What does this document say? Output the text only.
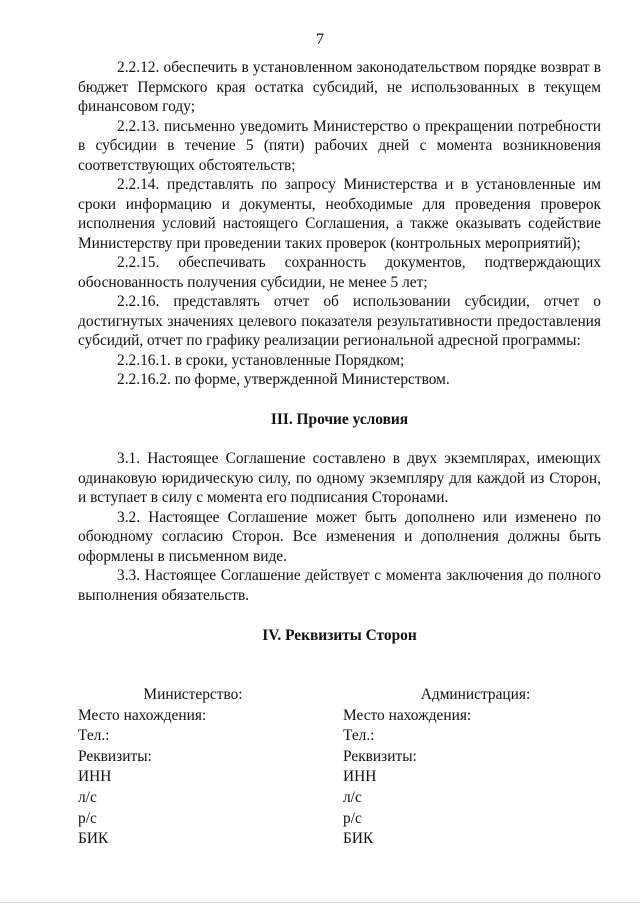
7

2.2.12. обеспечить в установленном законодательством порядке возврат в бюджет Пермского края остатка субсидий, не использованных в текущем финансовом году;

2.2.13. письменно уведомить Министерство о прекращении потребности в субсидии в течение 5 (пяти) рабочих дней с момента возникновения соответствующих обстоятельств;

2.2.14. представлять по запросу Министерства и в установленные им сроки информацию и документы, необходимые для проведения проверок исполнения условий настоящего Соглашения, а также оказывать содействие Министерству при проведении таких проверок (контрольных мероприятий);

2.2.15. обеспечивать сохранность документов, подтверждающих обоснованность получения субсидии, не менее 5 лет;

2.2.16. представлять отчет об использовании субсидии, отчет о достигнутых значениях целевого показателя результативности предоставления субсидий, отчет по графику реализации региональной адресной программы:

2.2.16.1. в сроки, установленные Порядком;

2.2.16.2. по форме, утвержденной Министерством.

III. Прочие условия

3.1. Настоящее Соглашение составлено в двух экземплярах, имеющих одинаковую юридическую силу, по одному экземпляру для каждой из Сторон, и вступает в силу с момента его подписания Сторонами.

3.2. Настоящее Соглашение может быть дополнено или изменено по обоюдному согласию Сторон. Все изменения и дополнения должны быть оформлены в письменном виде.

3.3. Настоящее Соглашение действует с момента заключения до полного выполнения обязательств.

IV. Реквизиты Сторон
Министерство:
Место нахождения:
Тел.:
Реквизиты:
ИНН
л/с
р/с
БИК
Администрация:
Место нахождения:
Тел.:
Реквизиты:
ИНН
л/с
р/с
БИК
